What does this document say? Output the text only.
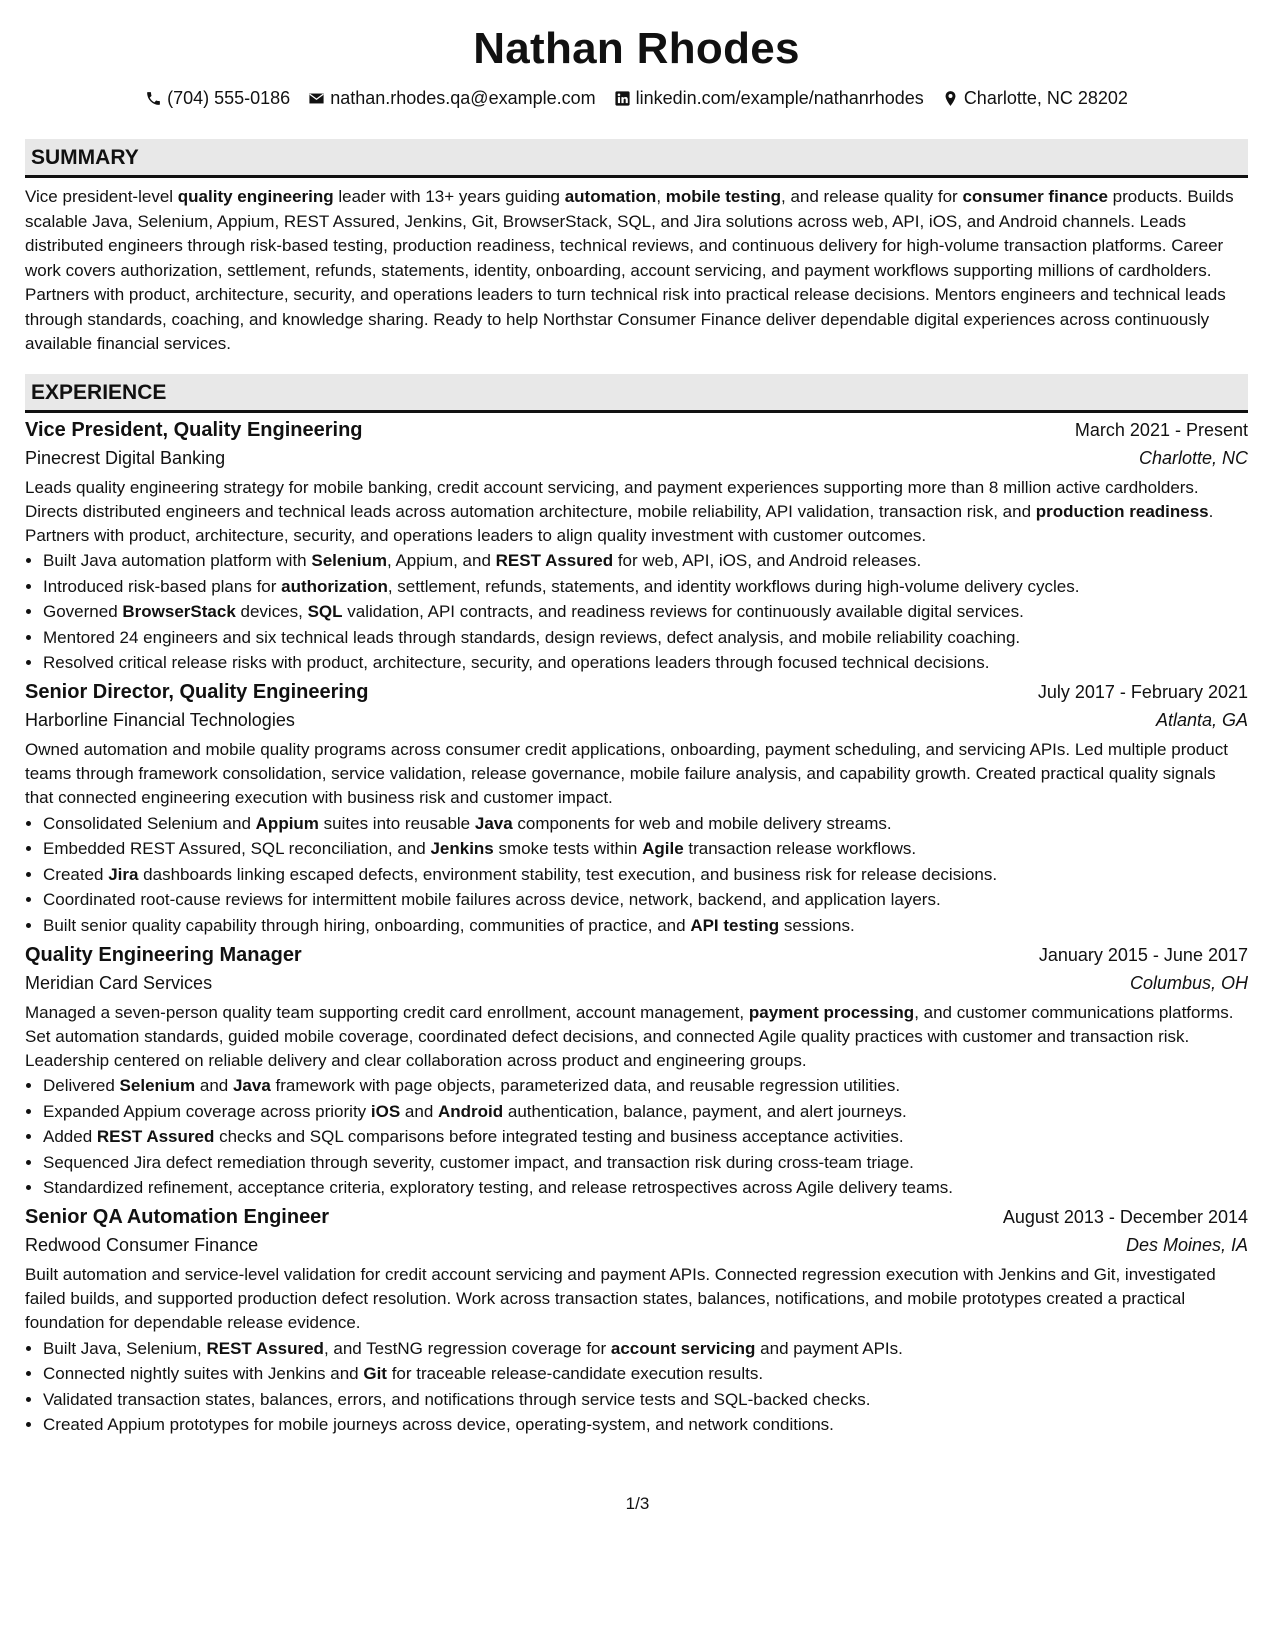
Nathan Rhodes
(704) 555-0186 nathan.rhodes.qa@example.com linkedin.com/example/nathanrhodes Charlotte, NC 28202
SUMMARY
Vice president-level quality engineering leader with 13+ years guiding automation, mobile testing, and release quality for consumer finance products. Builds scalable Java, Selenium, Appium, REST Assured, Jenkins, Git, BrowserStack, SQL, and Jira solutions across web, API, iOS, and Android channels. Leads distributed engineers through risk-based testing, production readiness, technical reviews, and continuous delivery for high-volume transaction platforms. Career work covers authorization, settlement, refunds, statements, identity, onboarding, account servicing, and payment workflows supporting millions of cardholders. Partners with product, architecture, security, and operations leaders to turn technical risk into practical release decisions. Mentors engineers and technical leads through standards, coaching, and knowledge sharing. Ready to help Northstar Consumer Finance deliver dependable digital experiences across continuously available financial services.
EXPERIENCE
Vice President, Quality Engineering	March 2021 - Present
Pinecrest Digital Banking	Charlotte, NC
Leads quality engineering strategy for mobile banking, credit account servicing, and payment experiences supporting more than 8 million active cardholders. Directs distributed engineers and technical leads across automation architecture, mobile reliability, API validation, transaction risk, and production readiness. Partners with product, architecture, security, and operations leaders to align quality investment with customer outcomes.
• Built Java automation platform with Selenium, Appium, and REST Assured for web, API, iOS, and Android releases.
• Introduced risk-based plans for authorization, settlement, refunds, statements, and identity workflows during high-volume delivery cycles.
• Governed BrowserStack devices, SQL validation, API contracts, and readiness reviews for continuously available digital services.
• Mentored 24 engineers and six technical leads through standards, design reviews, defect analysis, and mobile reliability coaching.
• Resolved critical release risks with product, architecture, security, and operations leaders through focused technical decisions.
Senior Director, Quality Engineering	July 2017 - February 2021
Harborline Financial Technologies	Atlanta, GA
Owned automation and mobile quality programs across consumer credit applications, onboarding, payment scheduling, and servicing APIs. Led multiple product teams through framework consolidation, service validation, release governance, mobile failure analysis, and capability growth. Created practical quality signals that connected engineering execution with business risk and customer impact.
• Consolidated Selenium and Appium suites into reusable Java components for web and mobile delivery streams.
• Embedded REST Assured, SQL reconciliation, and Jenkins smoke tests within Agile transaction release workflows.
• Created Jira dashboards linking escaped defects, environment stability, test execution, and business risk for release decisions.
• Coordinated root-cause reviews for intermittent mobile failures across device, network, backend, and application layers.
• Built senior quality capability through hiring, onboarding, communities of practice, and API testing sessions.
Quality Engineering Manager	January 2015 - June 2017
Meridian Card Services	Columbus, OH
Managed a seven-person quality team supporting credit card enrollment, account management, payment processing, and customer communications platforms. Set automation standards, guided mobile coverage, coordinated defect decisions, and connected Agile quality practices with customer and transaction risk. Leadership centered on reliable delivery and clear collaboration across product and engineering groups.
• Delivered Selenium and Java framework with page objects, parameterized data, and reusable regression utilities.
• Expanded Appium coverage across priority iOS and Android authentication, balance, payment, and alert journeys.
• Added REST Assured checks and SQL comparisons before integrated testing and business acceptance activities.
• Sequenced Jira defect remediation through severity, customer impact, and transaction risk during cross-team triage.
• Standardized refinement, acceptance criteria, exploratory testing, and release retrospectives across Agile delivery teams.
Senior QA Automation Engineer	August 2013 - December 2014
Redwood Consumer Finance	Des Moines, IA
Built automation and service-level validation for credit account servicing and payment APIs. Connected regression execution with Jenkins and Git, investigated failed builds, and supported production defect resolution. Work across transaction states, balances, notifications, and mobile prototypes created a practical foundation for dependable release evidence.
• Built Java, Selenium, REST Assured, and TestNG regression coverage for account servicing and payment APIs.
• Connected nightly suites with Jenkins and Git for traceable release-candidate execution results.
• Validated transaction states, balances, errors, and notifications through service tests and SQL-backed checks.
• Created Appium prototypes for mobile journeys across device, operating-system, and network conditions.
1/3
